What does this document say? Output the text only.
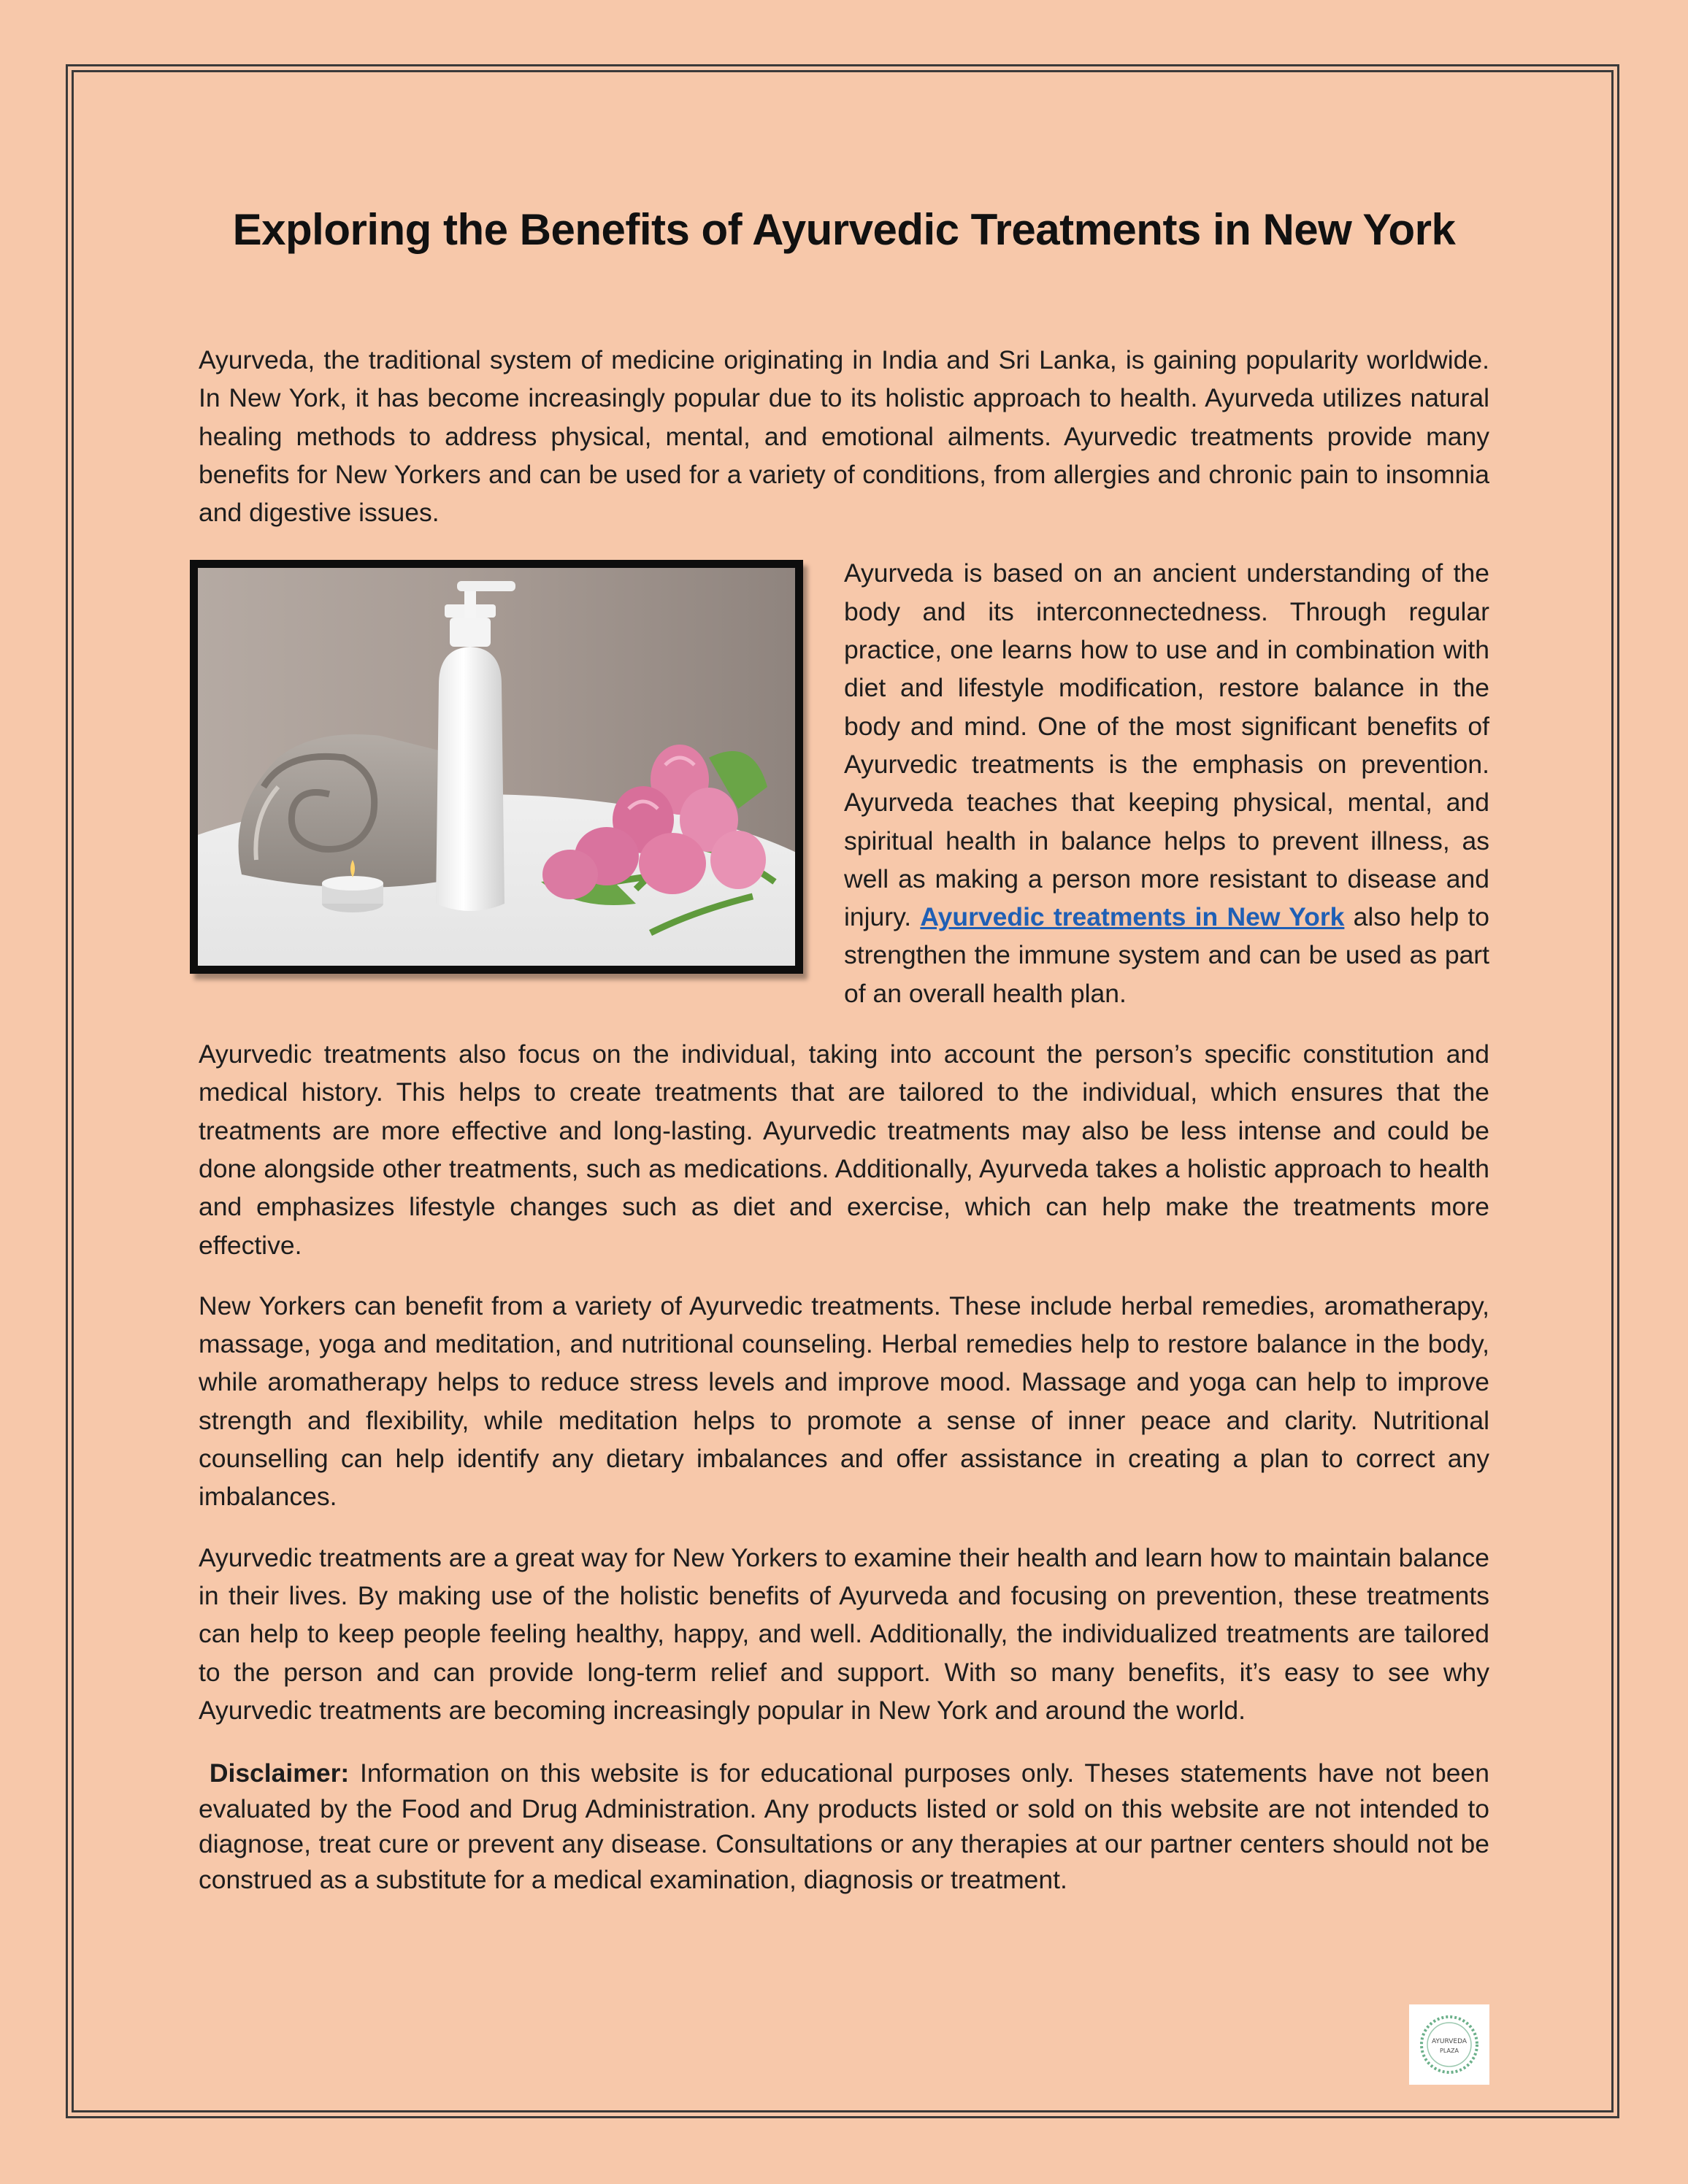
Exploring the Benefits of Ayurvedic Treatments in New York

Ayurveda, the traditional system of medicine originating in India and Sri Lanka, is gaining popularity worldwide. In New York, it has become increasingly popular due to its holistic approach to health. Ayurveda utilizes natural healing methods to address physical, mental, and emotional ailments. Ayurvedic treatments provide many benefits for New Yorkers and can be used for a variety of conditions, from allergies and chronic pain to insomnia and digestive issues.

Ayurveda is based on an ancient understanding of the body and its interconnectedness. Through regular practice, one learns how to use and in combination with diet and lifestyle modification, restore balance in the body and mind. One of the most significant benefits of Ayurvedic treatments is the emphasis on prevention. Ayurveda teaches that keeping physical, mental, and spiritual health in balance helps to prevent illness, as well as making a person more resistant to disease and injury. Ayurvedic treatments in New York also help to strengthen the immune system and can be used as part of an overall health plan.

Ayurvedic treatments also focus on the individual, taking into account the person’s specific constitution and medical history. This helps to create treatments that are tailored to the individual, which ensures that the treatments are more effective and long-lasting. Ayurvedic treatments may also be less intense and could be done alongside other treatments, such as medications. Additionally, Ayurveda takes a holistic approach to health and emphasizes lifestyle changes such as diet and exercise, which can help make the treatments more effective.

New Yorkers can benefit from a variety of Ayurvedic treatments. These include herbal remedies, aromatherapy, massage, yoga and meditation, and nutritional counseling. Herbal remedies help to restore balance in the body, while aromatherapy helps to reduce stress levels and improve mood. Massage and yoga can help to improve strength and flexibility, while meditation helps to promote a sense of inner peace and clarity. Nutritional counselling can help identify any dietary imbalances and offer assistance in creating a plan to correct any imbalances.

Ayurvedic treatments are a great way for New Yorkers to examine their health and learn how to maintain balance in their lives. By making use of the holistic benefits of Ayurveda and focusing on prevention, these treatments can help to keep people feeling healthy, happy, and well. Additionally, the individualized treatments are tailored to the person and can provide long-term relief and support. With so many benefits, it’s easy to see why Ayurvedic treatments are becoming increasingly popular in New York and around the world.

Disclaimer: Information on this website is for educational purposes only. Theses statements have not been evaluated by the Food and Drug Administration. Any products listed or sold on this website are not intended to diagnose, treat cure or prevent any disease. Consultations or any therapies at our partner centers should not be construed as a substitute for a medical examination, diagnosis or treatment.
AYURVEDA
PLAZA
